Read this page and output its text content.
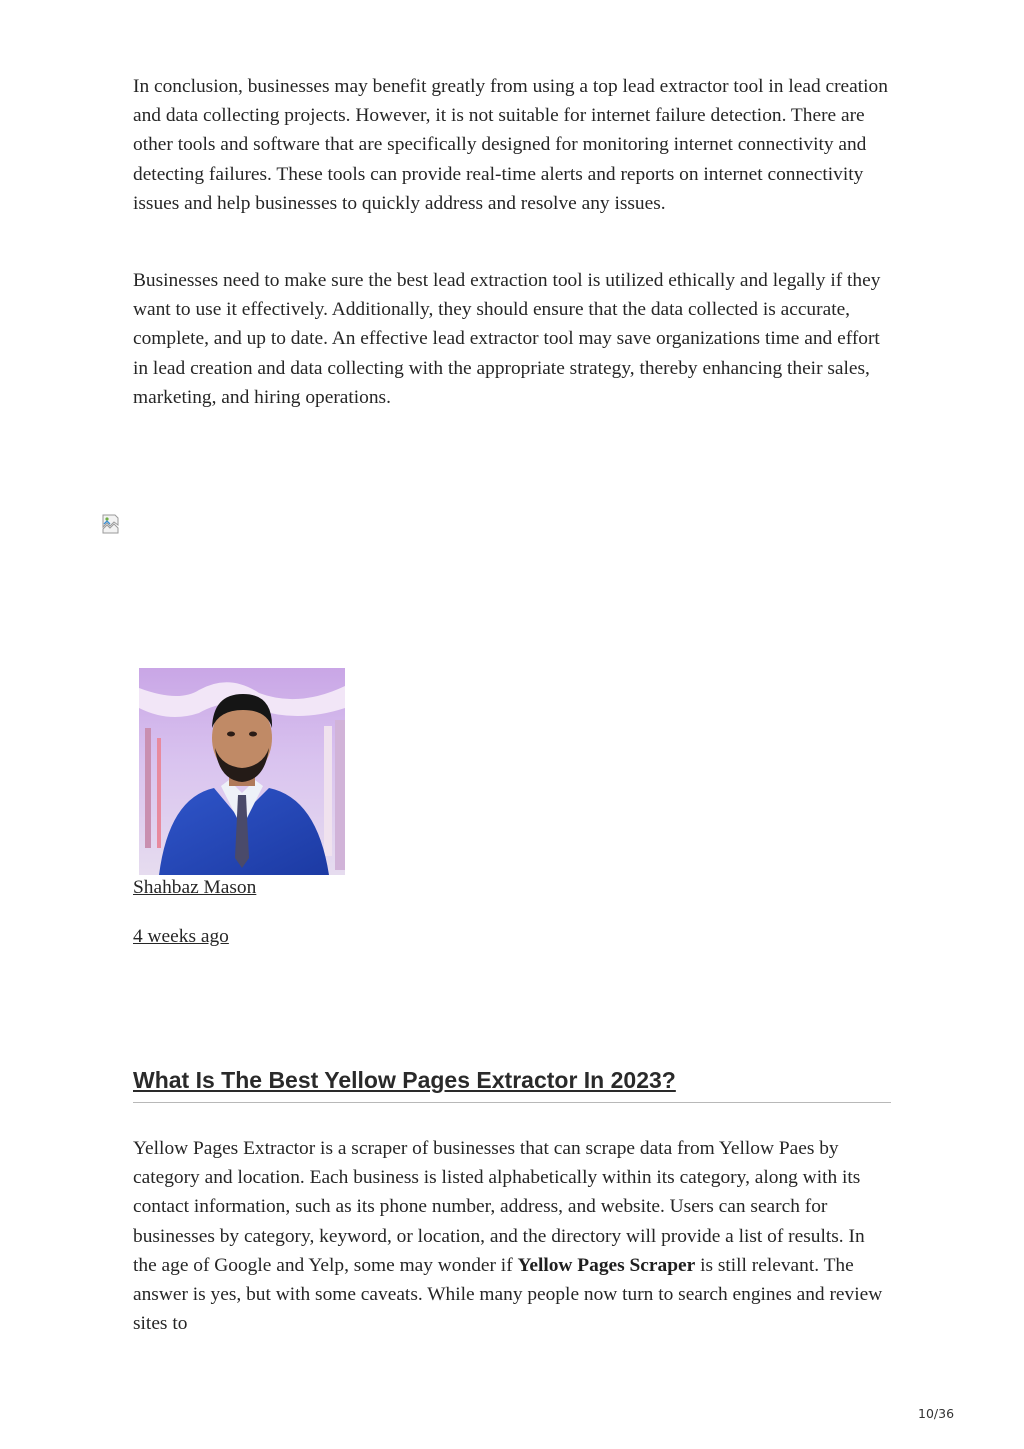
In conclusion, businesses may benefit greatly from using a top lead extractor tool in lead creation and data collecting projects. However, it is not suitable for internet failure detection. There are other tools and software that are specifically designed for monitoring internet connectivity and detecting failures. These tools can provide real-time alerts and reports on internet connectivity issues and help businesses to quickly address and resolve any issues.

Businesses need to make sure the best lead extraction tool is utilized ethically and legally if they want to use it effectively. Additionally, they should ensure that the data collected is accurate, complete, and up to date. An effective lead extractor tool may save organizations time and effort in lead creation and data collecting with the appropriate strategy, thereby enhancing their sales, marketing, and hiring operations.

Shahbaz Mason
4 weeks ago
What Is The Best Yellow Pages Extractor In 2023?

Yellow Pages Extractor is a scraper of businesses that can scrape data from Yellow Paes by category and location. Each business is listed alphabetically within its category, along with its contact information, such as its phone number, address, and website. Users can search for businesses by category, keyword, or location, and the directory will provide a list of results. In the age of Google and Yelp, some may wonder if Yellow Pages Scraper is still relevant. The answer is yes, but with some caveats. While many people now turn to search engines and review sites to

10/36
